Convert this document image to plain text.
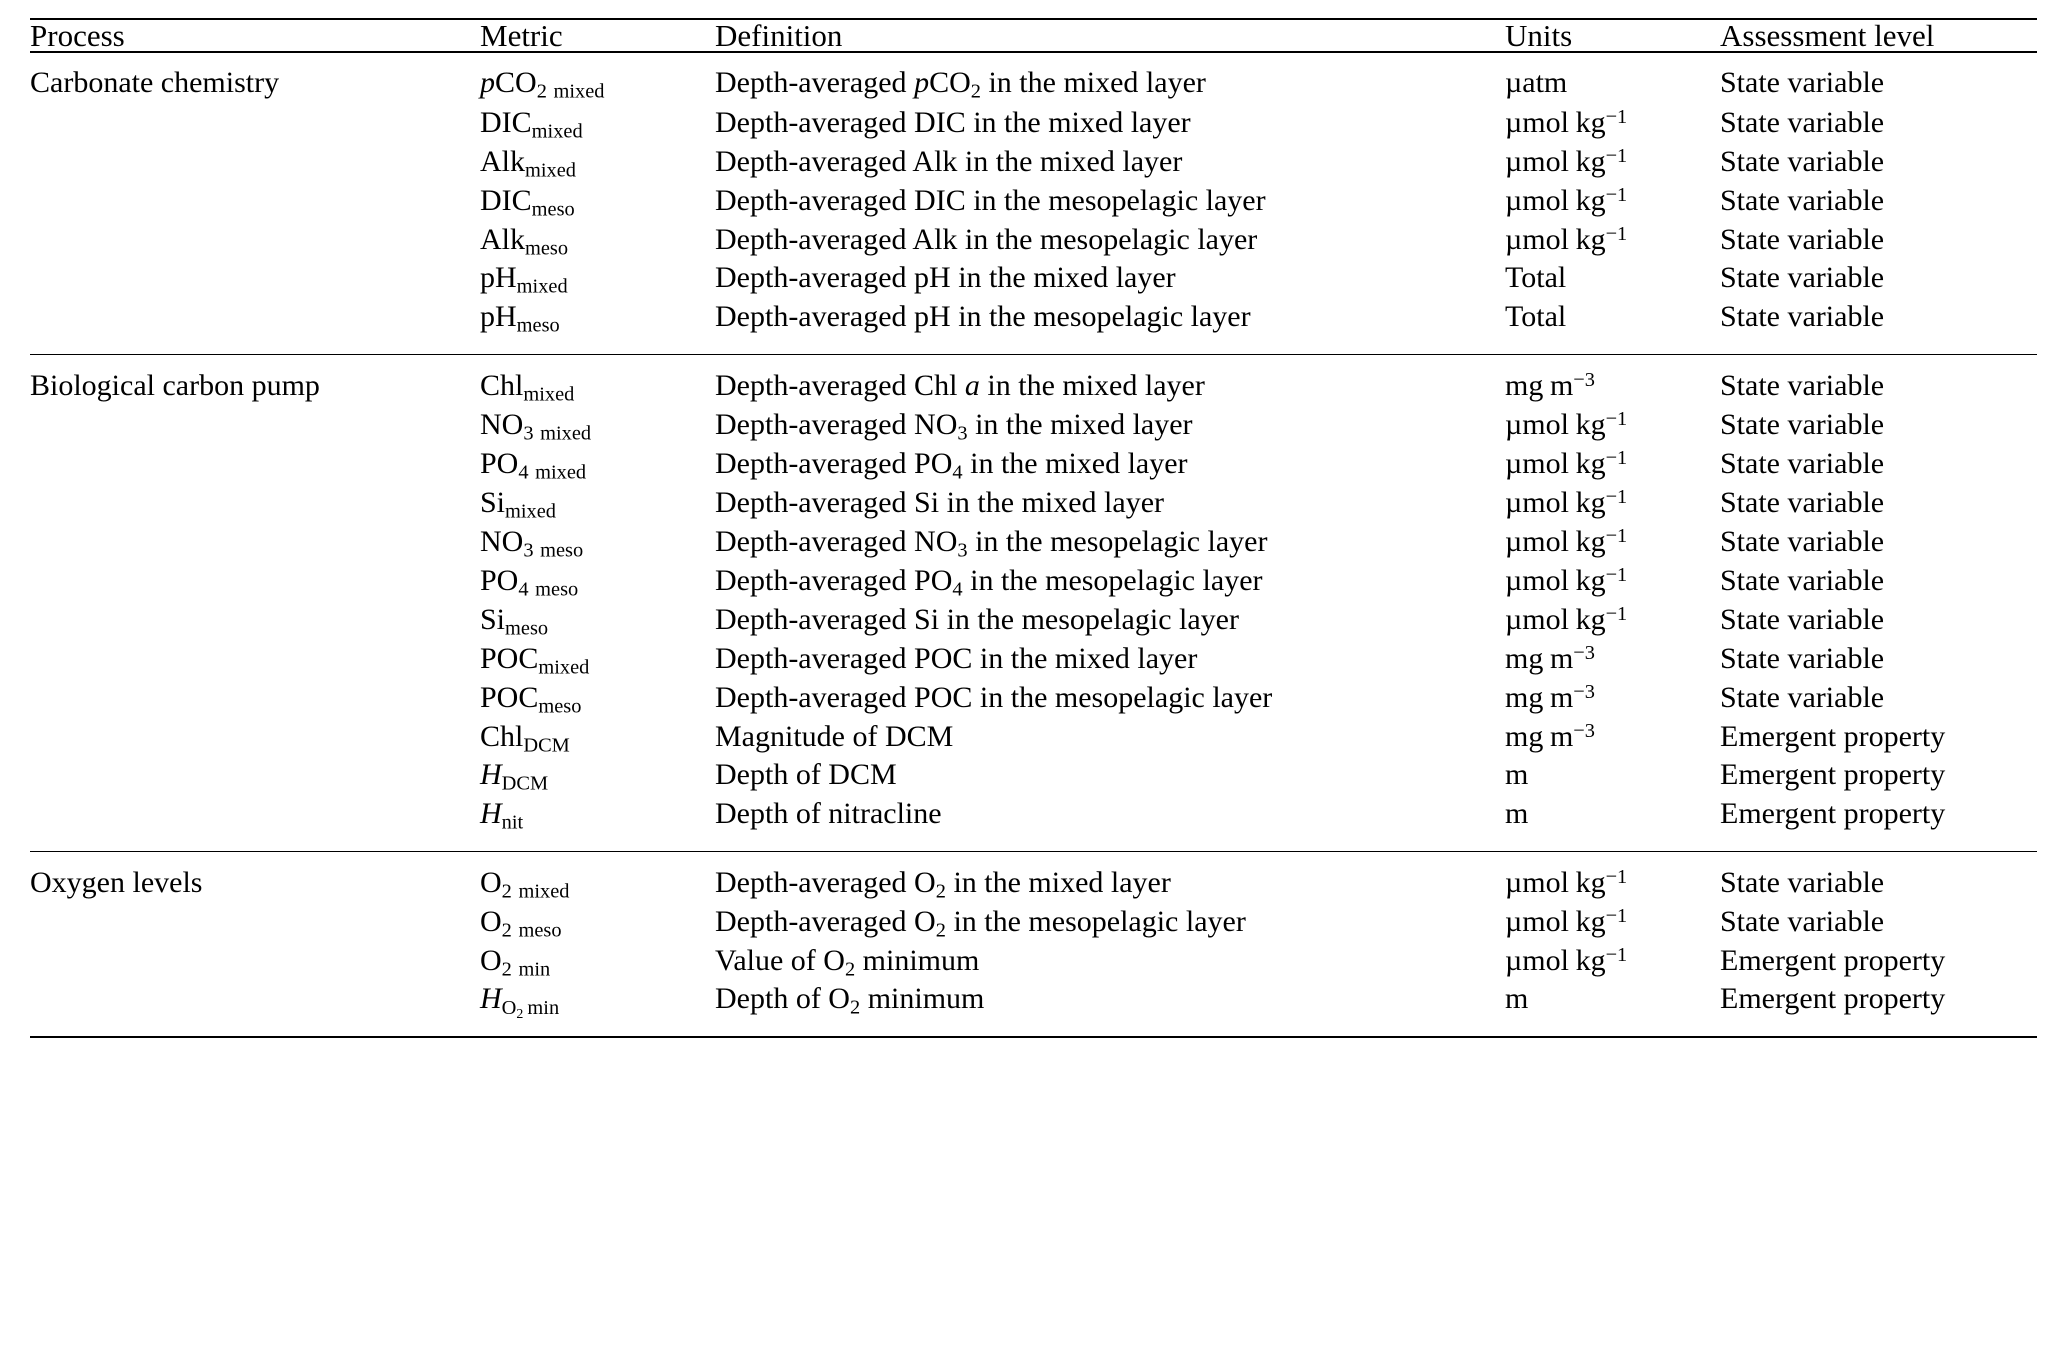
Process	Metric	Definition	Units	Assessment level
Carbonate chemistry	pCO$_2$ $_{mixed}$	Depth-averaged pCO$_2$ in the mixed layer	µatm	State variable
	$DIC_{mixed}$	Depth-averaged DIC in the mixed layer	µmol $kg^{-1}$	State variable
	Alk$_{mixed}$	Depth-averaged Alk in the mixed layer	µmol $kg^{-1}$	State variable
	$DIC_{meso}$	Depth-averaged DIC in the mesopelagic layer	µmol $kg^{-1}$	State variable
	Alk$_{meso}$	Depth-averaged Alk in the mesopelagic layer	µmol $kg^{-1}$	State variable
	$pH_{mixed}$	Depth-averaged pH in the mixed layer	Total	State variable
	$pH_{meso}$	Depth-averaged pH in the mesopelagic layer	Total	State variable
Biological carbon pump	Chl$_{mixed}$	Depth-averaged Chl a in the mixed layer	mg $m^{-3}$	State variable
	$NO_3$ $_{mixed}$	Depth-averaged $NO_3$ in the mixed layer	µmol $kg^{-1}$	State variable
	$PO_4$ $_{mixed}$	Depth-averaged $PO_4$ in the mixed layer	µmol $kg^{-1}$	State variable
	$Si_{mixed}$	Depth-averaged Si in the mixed layer	µmol $kg^{-1}$	State variable
	$NO_3$ $_{meso}$	Depth-averaged $NO_3$ in the mesopelagic layer	µmol $kg^{-1}$	State variable
	$PO_4$ $_{meso}$	Depth-averaged $PO_4$ in the mesopelagic layer	µmol $kg^{-1}$	State variable
	$Si_{meso}$	Depth-averaged Si in the mesopelagic layer	µmol $kg^{-1}$	State variable
	$POC_{mixed}$	Depth-averaged POC in the mixed layer	mg $m^{-3}$	State variable
	$POC_{meso}$	Depth-averaged POC in the mesopelagic layer	mg $m^{-3}$	State variable
	Chl$_{DCM}$	Magnitude of DCM	mg $m^{-3}$	Emergent property
	$H_{DCM}$	Depth of DCM	m	Emergent property
	$H_{nit}$	Depth of nitracline	m	Emergent property
Oxygen levels	$O_2$ $_{mixed}$	Depth-averaged $O_2$ in the mixed layer	µmol $kg^{-1}$	State variable
	$O_2$ $_{meso}$	Depth-averaged $O_2$ in the mesopelagic layer	µmol $kg^{-1}$	State variable
	$O_2$ $_{min}$	Value of $O_2$ minimum	µmol $kg^{-1}$	Emergent property
	$H_{O_2 min}$	Depth of $O_2$ minimum	m	Emergent property
